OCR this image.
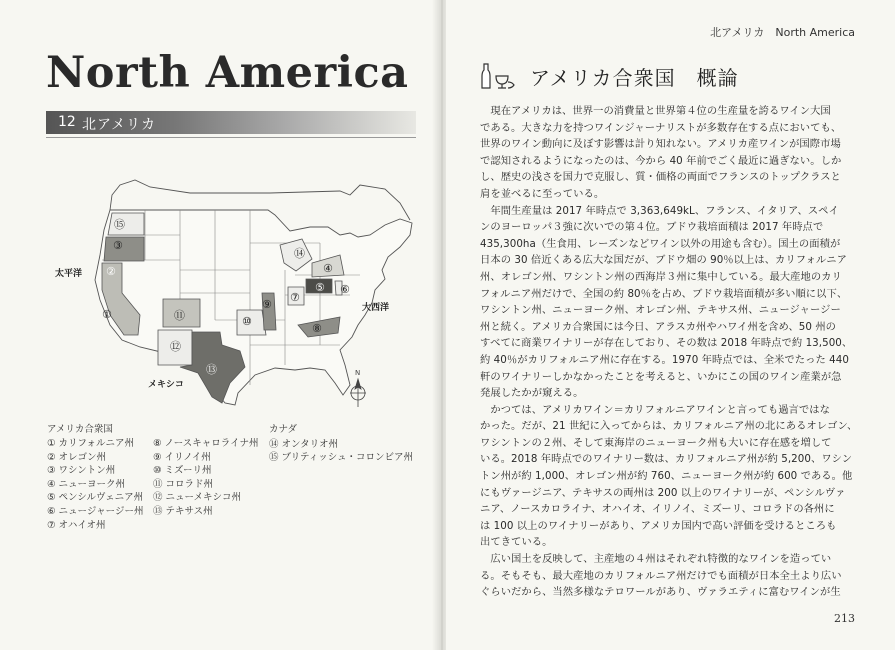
North America
12 北アメリカ
①
②
③
④
⑤ ⑥
⑦
⑧
⑨
⑩
⑪
⑫
⑬
⑭
⑮
太平洋
大西洋
メキシコ
N
アメリカ合衆国
① カリフォルニア州
② オレゴン州
③ ワシントン州
④ ニューヨーク州
⑤ ペンシルヴェニア州
⑥ ニュージャージー州
⑦ オハイオ州
⑧ ノースキャロライナ州
⑨ イリノイ州
⑩ ミズーリ州
⑪ コロラド州
⑫ ニューメキシコ州
⑬ テキサス州
カナダ
⑭ オンタリオ州
⑮ ブリティッシュ・コロンビア州
北アメリカ　North America
アメリカ合衆国　概論
　現在アメリカは、世界一の消費量と世界第４位の生産量を誇るワイン大国
である。大きな力を持つワインジャーナリストが多数存在する点においても、
世界のワイン動向に及ぼす影響は計り知れない。アメリカ産ワインが国際市場
で認知されるようになったのは、今から 40 年前でごく最近に過ぎない。しか
し、歴史の浅さを国力で克服し、質・価格の両面でフランスのトップクラスと
肩を並べるに至っている。
　年間生産量は 2017 年時点で 3,363,649kL、フランス、イタリア、スペイ
ンのヨーロッパ３強に次いでの第４位。ブドウ栽培面積は 2017 年時点で
435,300ha（生食用、レーズンなどワイン以外の用途も含む）。国土の面積が
日本の 30 倍近くある広大な国だが、ブドウ畑の 90％以上は、カリフォルニア
州、オレゴン州、ワシントン州の西海岸３州に集中している。最大産地のカリ
フォルニア州だけで、全国の約 80％を占め、ブドウ栽培面積が多い順に以下、
ワシントン州、ニューヨーク州、オレゴン州、テキサス州、ニュージャージー
州と続く。アメリカ合衆国には今日、アラスカ州やハワイ州を含め、50 州の
すべてに商業ワイナリーが存在しており、その数は 2018 年時点で約 13,500、
約 40％がカリフォルニア州に存在する。1970 年時点では、全米でたった 440
軒のワイナリーしかなかったことを考えると、いかにこの国のワイン産業が急
発展したかが窺える。
　かつては、アメリカワイン＝カリフォルニアワインと言っても過言ではな
かった。だが、21 世紀に入ってからは、カリフォルニア州の北にあるオレゴン、
ワシントンの２州、そして東海岸のニューヨーク州も大いに存在感を増して
いる。2018 年時点でのワイナリー数は、カリフォルニア州が約 5,200、ワシン
トン州が約 1,000、オレゴン州が約 760、ニューヨーク州が約 600 である。他
にもヴァージニア、テキサスの両州は 200 以上のワイナリーが、ペンシルヴァ
ニア、ノースカロライナ、オハイオ、イリノイ、ミズーリ、コロラドの各州に
は 100 以上のワイナリーがあり、アメリカ国内で高い評価を受けるところも
出てきている。
　広い国土を反映して、主産地の４州はそれぞれ特徴的なワインを造ってい
る。そもそも、最大産地のカリフォルニア州だけでも面積が日本全土より広い
ぐらいだから、当然多様なテロワールがあり、ヴァラエティに富むワインが生
213
